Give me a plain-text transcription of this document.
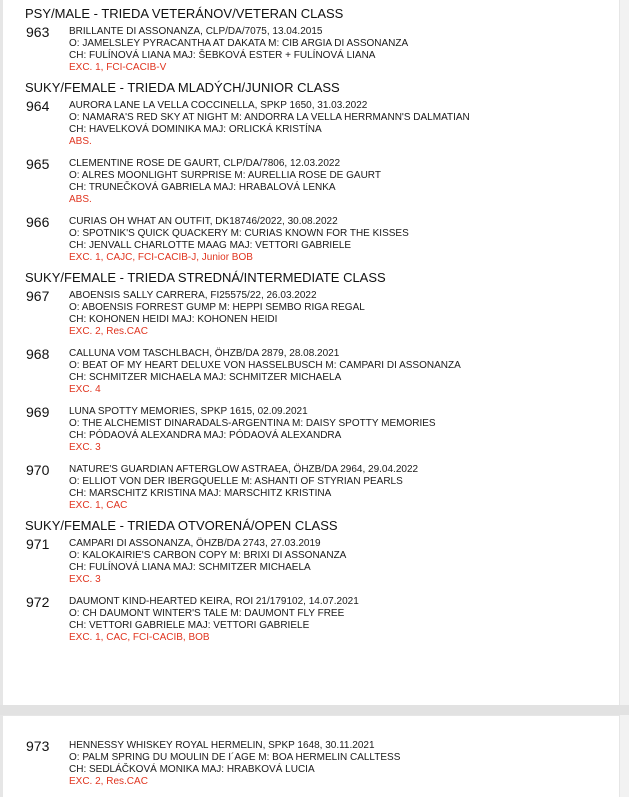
PSY/MALE - TRIEDA VETERÁNOV/VETERAN CLASS
963 BRILLANTE DI ASSONANZA, CLP/DA/7075, 13.04.2015
O: JAMELSLEY PYRACANTHA AT DAKATA M: CIB ARGIA DI ASSONANZA
CH: FULÍNOVÁ LIANA MAJ: ŠEBKOVÁ ESTER + FULÍNOVÁ LIANA
EXC. 1, FCI-CACIB-V
SUKY/FEMALE - TRIEDA MLADÝCH/JUNIOR CLASS
964 AURORA LANE LA VELLA COCCINELLA, SPKP 1650, 31.03.2022
O: NAMARA'S RED SKY AT NIGHT M: ANDORRA LA VELLA HERRMANN'S DALMATIAN
CH: HAVELKOVÁ DOMINIKA MAJ: ORLICKÁ KRISTÍNA
ABS.
965 CLEMENTINE ROSE DE GAURT, CLP/DA/7806, 12.03.2022
O: ALRES MOONLIGHT SURPRISE M: AURELLIA ROSE DE GAURT
CH: TRUNEČKOVÁ GABRIELA MAJ: HRABALOVÁ LENKA
ABS.
966 CURIAS OH WHAT AN OUTFIT, DK18746/2022, 30.08.2022
O: SPOTNIK'S QUICK QUACKERY M: CURIAS KNOWN FOR THE KISSES
CH: JENVALL CHARLOTTE MAAG MAJ: VETTORI GABRIELE
EXC. 1, CAJC, FCI-CACIB-J, Junior BOB
SUKY/FEMALE - TRIEDA STREDNÁ/INTERMEDIATE CLASS
967 ABOENSIS SALLY CARRERA, FI25575/22, 26.03.2022
O: ABOENSIS FORREST GUMP M: HEPPI SEMBO RIGA REGAL
CH: KOHONEN HEIDI MAJ: KOHONEN HEIDI
EXC. 2, Res.CAC
968 CALLUNA VOM TASCHLBACH, ÖHZB/DA 2879, 28.08.2021
O: BEAT OF MY HEART DELUXE VON HASSELBUSCH M: CAMPARI DI ASSONANZA
CH: SCHMITZER MICHAELA MAJ: SCHMITZER MICHAELA
EXC. 4
969 LUNA SPOTTY MEMORIES, SPKP 1615, 02.09.2021
O: THE ALCHEMIST DINARADALS-ARGENTINA M: DAISY SPOTTY MEMORIES
CH: PÓDAOVÁ ALEXANDRA MAJ: PÓDAOVÁ ALEXANDRA
EXC. 3
970 NATURE'S GUARDIAN AFTERGLOW ASTRAEA, ÖHZB/DA 2964, 29.04.2022
O: ELLIOT VON DER IBERGQUELLE M: ASHANTI OF STYRIAN PEARLS
CH: MARSCHITZ KRISTINA MAJ: MARSCHITZ KRISTINA
EXC. 1, CAC
SUKY/FEMALE - TRIEDA OTVORENÁ/OPEN CLASS
971 CAMPARI DI ASSONANZA, ÖHZB/DA 2743, 27.03.2019
O: KALOKAIRIE'S CARBON COPY M: BRIXI DI ASSONANZA
CH: FULÍNOVÁ LIANA MAJ: SCHMITZER MICHAELA
EXC. 3
972 DAUMONT KIND-HEARTED KEIRA, ROI 21/179102, 14.07.2021
O: CH DAUMONT WINTER'S TALE M: DAUMONT FLY FREE
CH: VETTORI GABRIELE MAJ: VETTORI GABRIELE
EXC. 1, CAC, FCI-CACIB, BOB
973 HENNESSY WHISKEY ROYAL HERMELIN, SPKP 1648, 30.11.2021
O: PALM SPRING DU MOULIN DE I´AGE M: BOA HERMELIN CALLTESS
CH: SEDLÁČKOVÁ MONIKA MAJ: HRABKOVÁ LUCIA
EXC. 2, Res.CAC
